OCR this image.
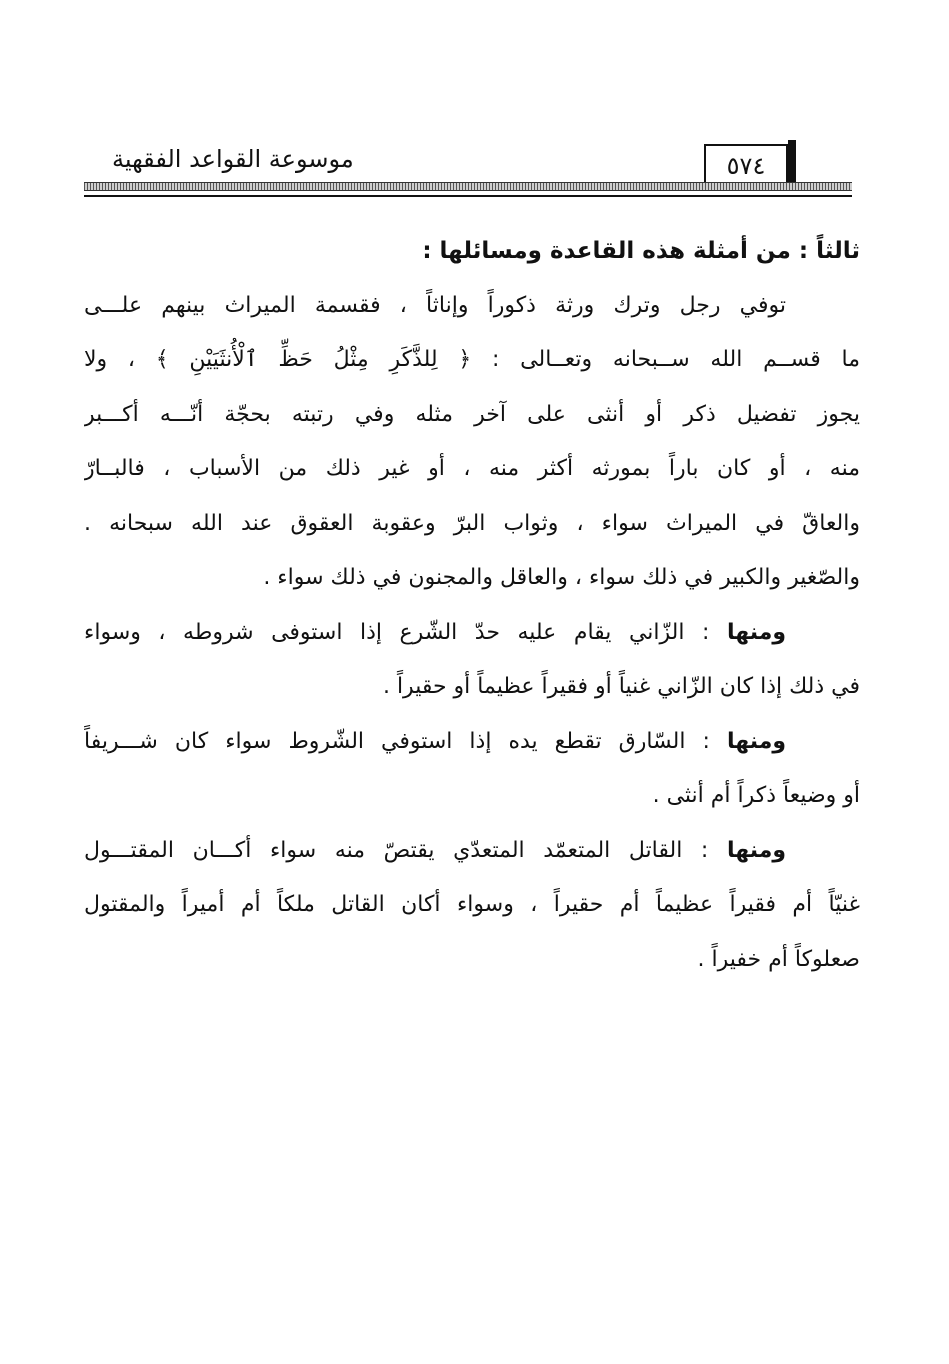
موسوعة القواعد الفقهية	٥٧٤
ثالثاً : من أمثلة هذه القاعدة ومسائلها :
توفي رجل وترك ورثة ذكوراً وإناثاً ، فقسمة الميراث بينهم علـــى
ما قســم الله ســبحانه وتعــالى : ﴿ لِلذَّكَرِ مِثْلُ حَظِّ ٱلْأُنثَيَيْنِ ﴾ ، ولا
يجوز تفضيل ذكر أو أنثى على آخر مثله وفي رتبته بحجّة أنّـــه أكـــبر
منه ، أو كان باراً بمورثه أكثر منه ، أو غير ذلك من الأسباب ، فالبــارّ
والعاقّ في الميراث سواء ، وثواب البرّ وعقوبة العقوق عند الله سبحانه .
والصّغير والكبير في ذلك سواء ، والعاقل والمجنون في ذلك سواء .
ومنها : الزّاني يقام عليه حدّ الشّرع إذا استوفى شروطه ، وسواء
في ذلك إذا كان الزّاني غنياً أو فقيراً عظيماً أو حقيراً .
ومنها : السّارق تقطع يده إذا استوفي الشّروط سواء كان شـــريفاً
أو وضيعاً ذكراً أم أنثى .
ومنها : القاتل المتعمّد المتعدّي يقتصّ منه سواء أكـــان المقتـــول
غنيّاً أم فقيراً عظيماً أم حقيراً ، وسواء أكان القاتل ملكاً أم أميراً والمقتول
صعلوكاً أم خفيراً .
